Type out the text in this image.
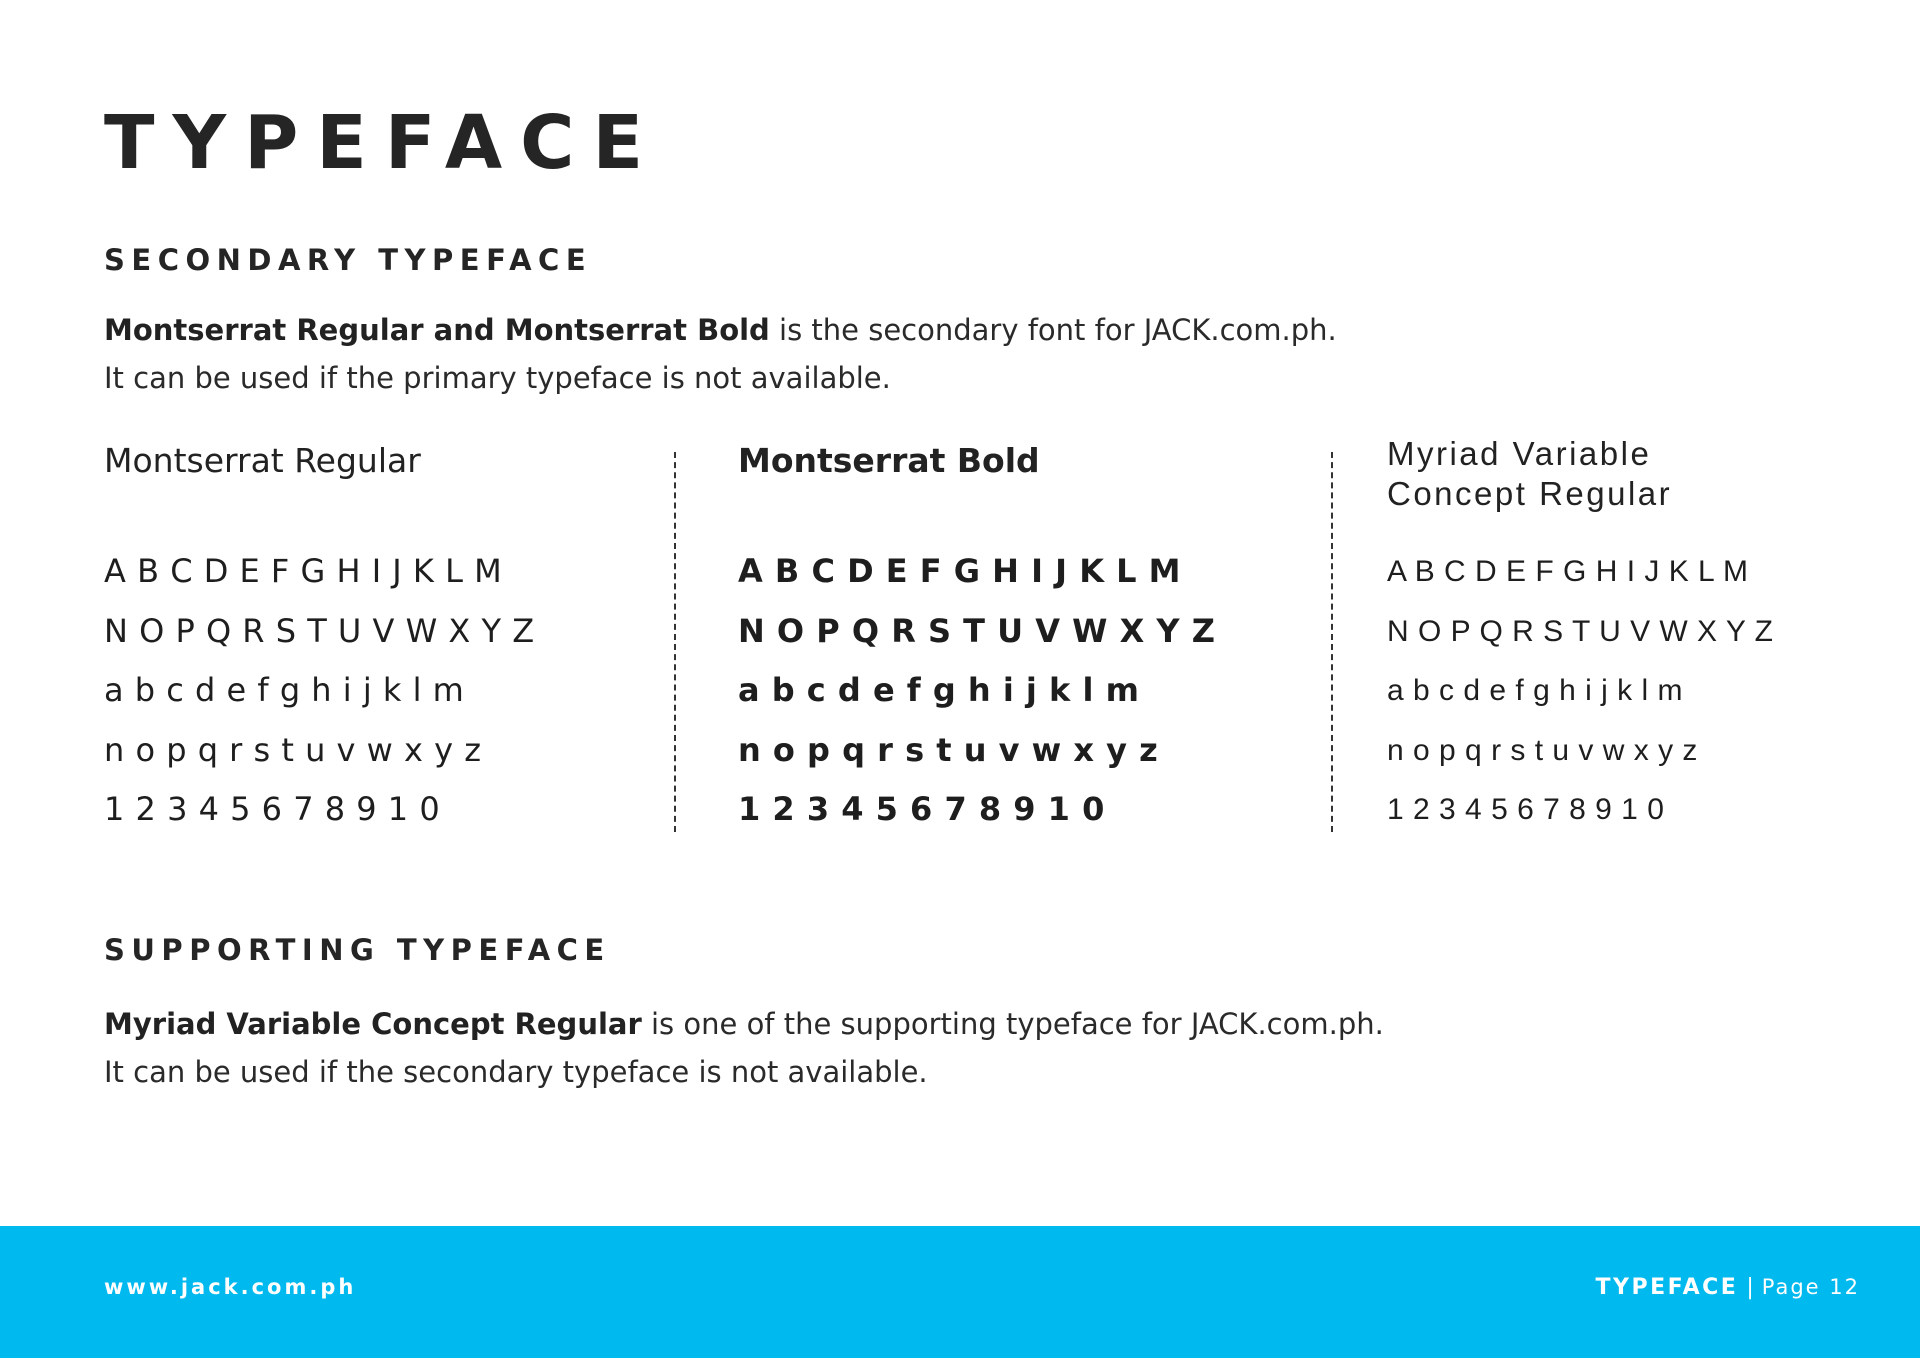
TYPEFACE
SECONDARY TYPEFACE
Montserrat Regular and Montserrat Bold is the secondary font for JACK.com.ph.
It can be used if the primary typeface is not available.
Montserrat Regular
A B C D E F G H I J K L M
N O P Q R S T U V W X Y Z
a b c d e f g h i j k l m
n o p q r s t u v w x y z
1 2 3 4 5 6 7 8 9 1 0
Montserrat Bold
A B C D E F G H I J K L M
N O P Q R S T U V W X Y Z
a b c d e f g h i j k l m
n o p q r s t u v w x y z
1 2 3 4 5 6 7 8 9 1 0
Myriad Variable
Concept Regular
A B C D E F G H I J K L M
N O P Q R S T U V W X Y Z
a b c d e f g h i j k l m
n o p q r s t u v w x y z
1 2 3 4 5 6 7 8 9 1 0
SUPPORTING TYPEFACE
Myriad Variable Concept Regular is one of the supporting typeface for JACK.com.ph.
It can be used if the secondary typeface is not available.
www.jack.com.ph	TYPEFACE | Page 12
